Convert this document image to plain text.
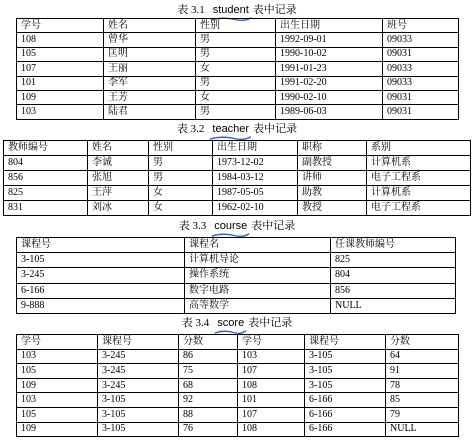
表 3.1 student 表中记录
学号	姓名	性别	出生日期	班号
108	曾华	男	1992-09-01	09033
105	匡明	男	1990-10-02	09031
107	王丽	女	1991-01-23	09033
101	李军	男	1991-02-20	09033
109	王芳	女	1990-02-10	09031
103	陆君	男	1989-06-03	09031
表 3.2 teacher 表中记录
教师编号	姓名	性别	出生日期	职称	系别
804	李诚	男	1973-12-02	副教授	计算机系
856	张旭	男	1984-03-12	讲师	电子工程系
825	王萍	女	1987-05-05	助教	计算机系
831	刘冰	女	1962-02-10	教授	电子工程系
表 3.3 course 表中记录
课程号	课程名	任课教师编号
3-105	计算机导论	825
3-245	操作系统	804
6-166	数字电路	856
9-888	高等数学	NULL
表 3.4 score 表中记录
学号	课程号	分数	学号	课程号	分数
103	3-245	86	103	3-105	64
105	3-245	75	107	3-105	91
109	3-245	68	108	3-105	78
103	3-105	92	101	6-166	85
105	3-105	88	107	6-166	79
109	3-105	76	108	6-166	NULL
